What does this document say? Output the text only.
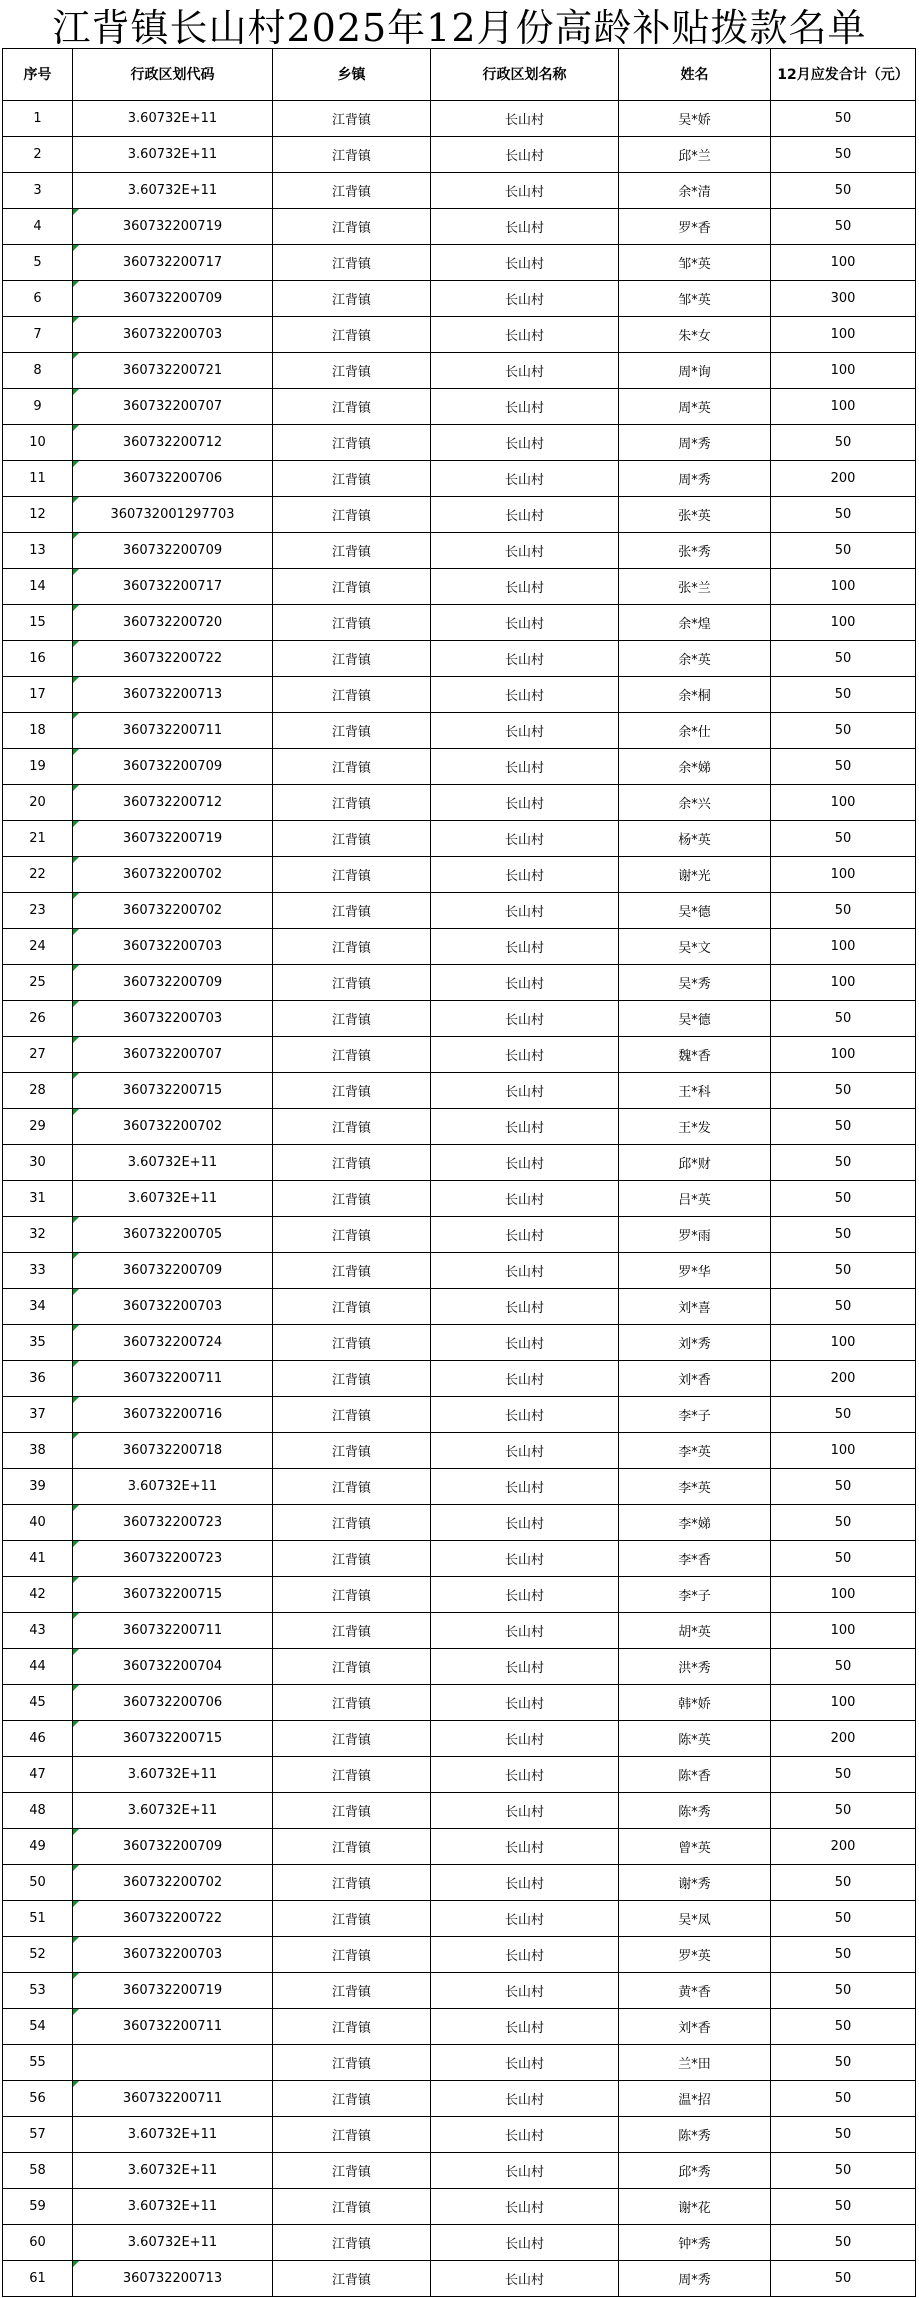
江背镇长山村2025年12月份高龄补贴拨款名单
序号	行政区划代码	乡镇	行政区划名称	姓名	12月应发合计（元）
1	3.60732E+11	江背镇	长山村	吴*娇	50
2	3.60732E+11	江背镇	长山村	邱*兰	50
3	3.60732E+11	江背镇	长山村	余*清	50
4	360732200719	江背镇	长山村	罗*香	50
5	360732200717	江背镇	长山村	邹*英	100
6	360732200709	江背镇	长山村	邹*英	300
7	360732200703	江背镇	长山村	朱*女	100
8	360732200721	江背镇	长山村	周*询	100
9	360732200707	江背镇	长山村	周*英	100
10	360732200712	江背镇	长山村	周*秀	50
11	360732200706	江背镇	长山村	周*秀	200
12	360732001297703	江背镇	长山村	张*英	50
13	360732200709	江背镇	长山村	张*秀	50
14	360732200717	江背镇	长山村	张*兰	100
15	360732200720	江背镇	长山村	余*煌	100
16	360732200722	江背镇	长山村	余*英	50
17	360732200713	江背镇	长山村	余*桐	50
18	360732200711	江背镇	长山村	余*仕	50
19	360732200709	江背镇	长山村	余*娣	50
20	360732200712	江背镇	长山村	余*兴	100
21	360732200719	江背镇	长山村	杨*英	50
22	360732200702	江背镇	长山村	谢*光	100
23	360732200702	江背镇	长山村	吴*德	50
24	360732200703	江背镇	长山村	吴*文	100
25	360732200709	江背镇	长山村	吴*秀	100
26	360732200703	江背镇	长山村	吴*德	50
27	360732200707	江背镇	长山村	魏*香	100
28	360732200715	江背镇	长山村	王*科	50
29	360732200702	江背镇	长山村	王*发	50
30	3.60732E+11	江背镇	长山村	邱*财	50
31	3.60732E+11	江背镇	长山村	吕*英	50
32	360732200705	江背镇	长山村	罗*雨	50
33	360732200709	江背镇	长山村	罗*华	50
34	360732200703	江背镇	长山村	刘*喜	50
35	360732200724	江背镇	长山村	刘*秀	100
36	360732200711	江背镇	长山村	刘*香	200
37	360732200716	江背镇	长山村	李*子	50
38	360732200718	江背镇	长山村	李*英	100
39	3.60732E+11	江背镇	长山村	李*英	50
40	360732200723	江背镇	长山村	李*娣	50
41	360732200723	江背镇	长山村	李*香	50
42	360732200715	江背镇	长山村	李*子	100
43	360732200711	江背镇	长山村	胡*英	100
44	360732200704	江背镇	长山村	洪*秀	50
45	360732200706	江背镇	长山村	韩*娇	100
46	360732200715	江背镇	长山村	陈*英	200
47	3.60732E+11	江背镇	长山村	陈*香	50
48	3.60732E+11	江背镇	长山村	陈*秀	50
49	360732200709	江背镇	长山村	曾*英	200
50	360732200702	江背镇	长山村	谢*秀	50
51	360732200722	江背镇	长山村	吴*凤	50
52	360732200703	江背镇	长山村	罗*英	50
53	360732200719	江背镇	长山村	黄*香	50
54	360732200711	江背镇	长山村	刘*香	50
55		江背镇	长山村	兰*田	50
56	360732200711	江背镇	长山村	温*招	50
57	3.60732E+11	江背镇	长山村	陈*秀	50
58	3.60732E+11	江背镇	长山村	邱*秀	50
59	3.60732E+11	江背镇	长山村	谢*花	50
60	3.60732E+11	江背镇	长山村	钟*秀	50
61	360732200713	江背镇	长山村	周*秀	50
